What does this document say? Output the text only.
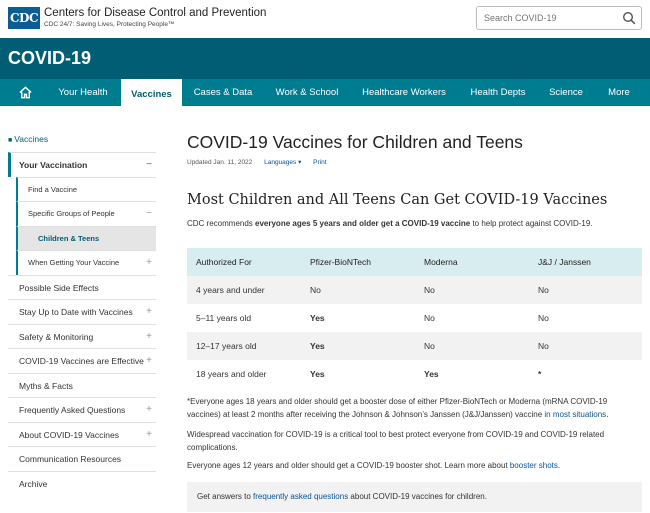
CDC Centers for Disease Control and Prevention
CDC 24/7: Saving Lives, Protecting People™
Search COVID-19
COVID-19
Your Health	Vaccines	Cases & Data	Work & School	Healthcare Workers	Health Depts	Science	More
■ Vaccines
Your Vaccination	−
Find a Vaccine
Specific Groups of People	−
Children & Teens
When Getting Your Vaccine	+
Possible Side Effects
Stay Up to Date with Vaccines +
Safety & Monitoring	+
COVID-19 Vaccines are Effective +
Myths & Facts
Frequently Asked Questions +
About COVID-19 Vaccines	+
Communication Resources
Archive
COVID-19 Vaccines for Children and Teens
Updated Jan. 11, 2022 Languages ▾ Print
Most Children and All Teens Can Get COVID-19 Vaccines
CDC recommends everyone ages 5 years and older get a COVID-19 vaccine to help protect against COVID-19.
Authorized For	Pfizer-BioNTech	Moderna	J&J / Janssen
4 years and under	No	No	No
5–11 years old	Yes	No	No
12–17 years old	Yes	No	No
18 years and older	Yes	Yes	*
*Everyone ages 18 years and older should get a booster dose of either Pfizer-BioNTech or Moderna (mRNA COVID-19 vaccines) at least 2 months after receiving the Johnson & Johnson’s Janssen (J&J/Janssen) vaccine in most situations.
Widespread vaccination for COVID-19 is a critical tool to best protect everyone from COVID-19 and COVID-19 related complications.
Everyone ages 12 years and older should get a COVID-19 booster shot. Learn more about booster shots.
Get answers to frequently asked questions about COVID-19 vaccines for children.
